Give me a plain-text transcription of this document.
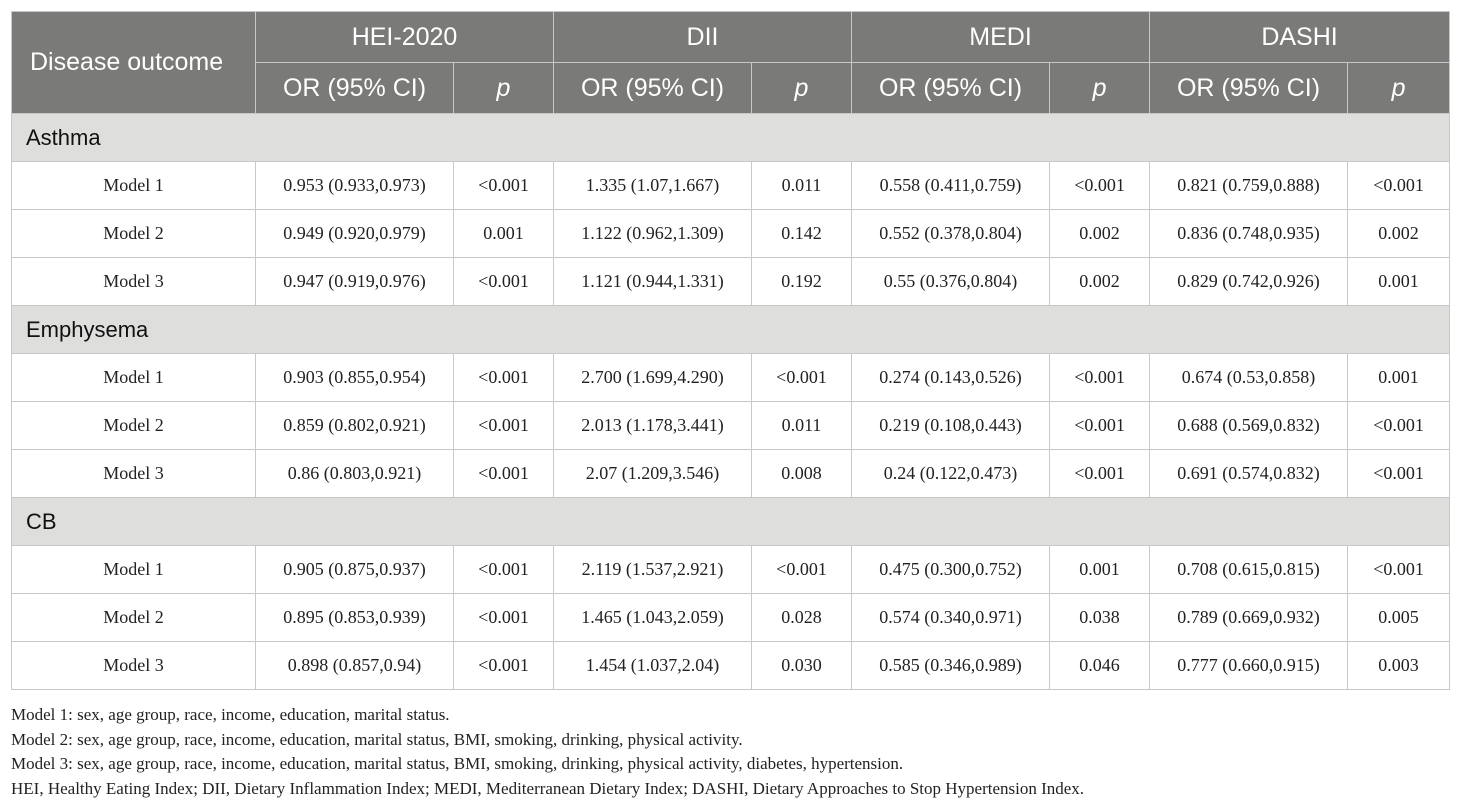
Disease outcome	HEI-2020		DII		MEDI		DASHI	
	OR (95% CI)	p	OR (95% CI)	p	OR (95% CI)	p	OR (95% CI)	p
Asthma								
Model 1	0.953 (0.933,0.973)	<0.001	1.335 (1.07,1.667)	0.011	0.558 (0.411,0.759)	<0.001	0.821 (0.759,0.888)	<0.001
Model 2	0.949 (0.920,0.979)	0.001	1.122 (0.962,1.309)	0.142	0.552 (0.378,0.804)	0.002	0.836 (0.748,0.935)	0.002
Model 3	0.947 (0.919,0.976)	<0.001	1.121 (0.944,1.331)	0.192	0.55 (0.376,0.804)	0.002	0.829 (0.742,0.926)	0.001
Emphysema								
Model 1	0.903 (0.855,0.954)	<0.001	2.700 (1.699,4.290)	<0.001	0.274 (0.143,0.526)	<0.001	0.674 (0.53,0.858)	0.001
Model 2	0.859 (0.802,0.921)	<0.001	2.013 (1.178,3.441)	0.011	0.219 (0.108,0.443)	<0.001	0.688 (0.569,0.832)	<0.001
Model 3	0.86 (0.803,0.921)	<0.001	2.07 (1.209,3.546)	0.008	0.24 (0.122,0.473)	<0.001	0.691 (0.574,0.832)	<0.001
CB								
Model 1	0.905 (0.875,0.937)	<0.001	2.119 (1.537,2.921)	<0.001	0.475 (0.300,0.752)	0.001	0.708 (0.615,0.815)	<0.001
Model 2	0.895 (0.853,0.939)	<0.001	1.465 (1.043,2.059)	0.028	0.574 (0.340,0.971)	0.038	0.789 (0.669,0.932)	0.005
Model 3	0.898 (0.857,0.94)	<0.001	1.454 (1.037,2.04)	0.030	0.585 (0.346,0.989)	0.046	0.777 (0.660,0.915)	0.003
Model 1: sex, age group, race, income, education, marital status.
Model 2: sex, age group, race, income, education, marital status, BMI, smoking, drinking, physical activity.
Model 3: sex, age group, race, income, education, marital status, BMI, smoking, drinking, physical activity, diabetes, hypertension.
HEI, Healthy Eating Index; DII, Dietary Inflammation Index; MEDI, Mediterranean Dietary Index; DASHI, Dietary Approaches to Stop Hypertension Index.
